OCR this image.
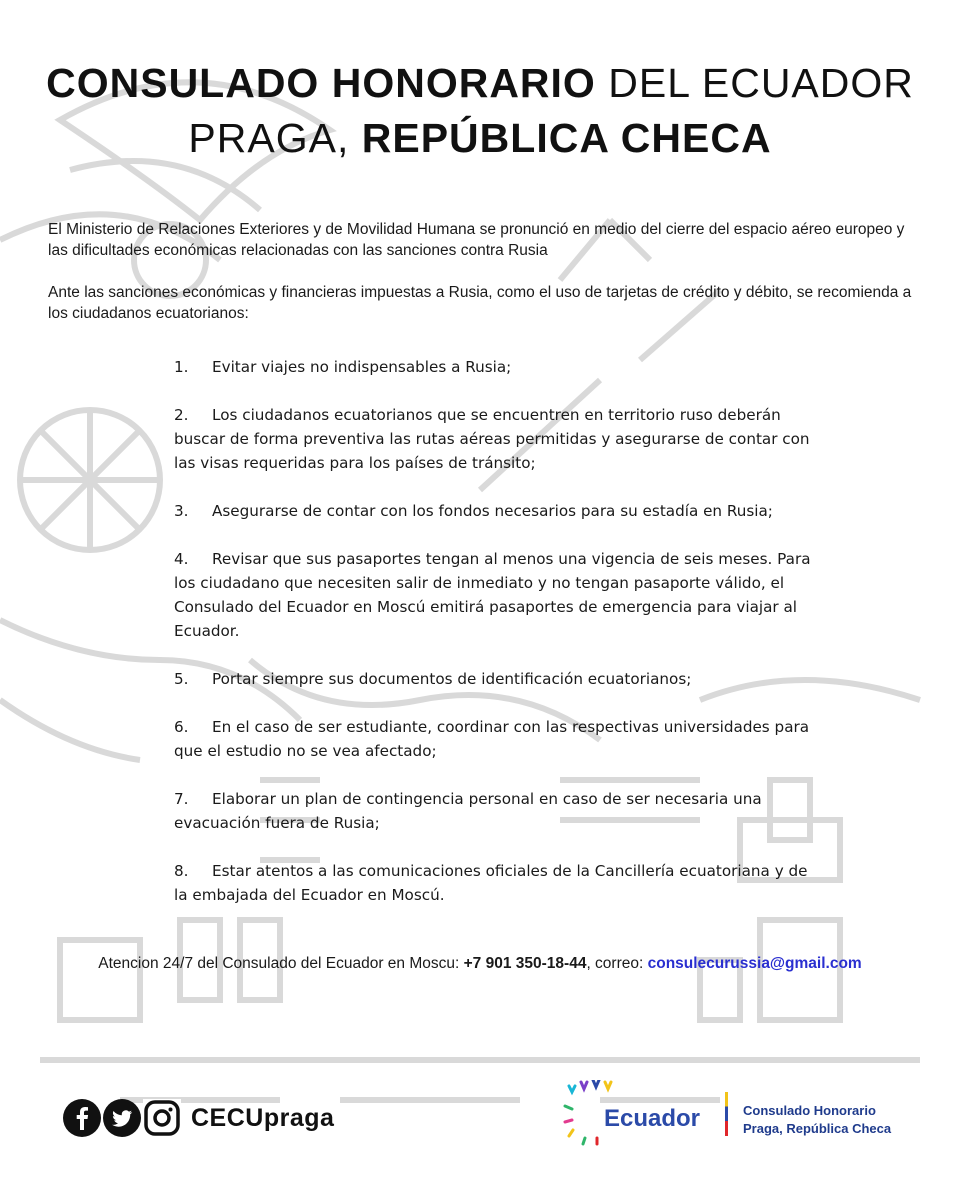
CONSULADO HONORARIO DEL ECUADOR
PRAGA, REPÚBLICA CHECA

El Ministerio de Relaciones Exteriores y de Movilidad Humana se pronunció en medio del cierre del espacio aéreo europeo y las dificultades económicas relacionadas con las sanciones contra Rusia

Ante las sanciones económicas y financieras impuestas a Rusia, como el uso de tarjetas de crédito y débito, se recomienda a los ciudadanos ecuatorianos:

1. Evitar viajes no indispensables a Rusia;
2. Los ciudadanos ecuatorianos que se encuentren en territorio ruso deberán buscar de forma preventiva las rutas aéreas permitidas y asegurarse de contar con las visas requeridas para los países de tránsito;
3. Asegurarse de contar con los fondos necesarios para su estadía en Rusia;
4. Revisar que sus pasaportes tengan al menos una vigencia de seis meses. Para los ciudadano que necesiten salir de inmediato y no tengan pasaporte válido, el Consulado del Ecuador en Moscú emitirá pasaportes de emergencia para viajar al Ecuador.
5. Portar siempre sus documentos de identificación ecuatorianos;
6. En el caso de ser estudiante, coordinar con las respectivas universidades para que el estudio no se vea afectado;
7. Elaborar un plan de contingencia personal en caso de ser necesaria una evacuación fuera de Rusia;
8. Estar atentos a las comunicaciones oficiales de la Cancillería ecuatoriana y de la embajada del Ecuador en Moscú.
Atencion 24/7 del Consulado del Ecuador en Moscu: +7 901 350-18-44, correo: consulecurussia@gmail.com
CECUpraga	Ecuador	Consulado Honorario
Praga, República Checa
